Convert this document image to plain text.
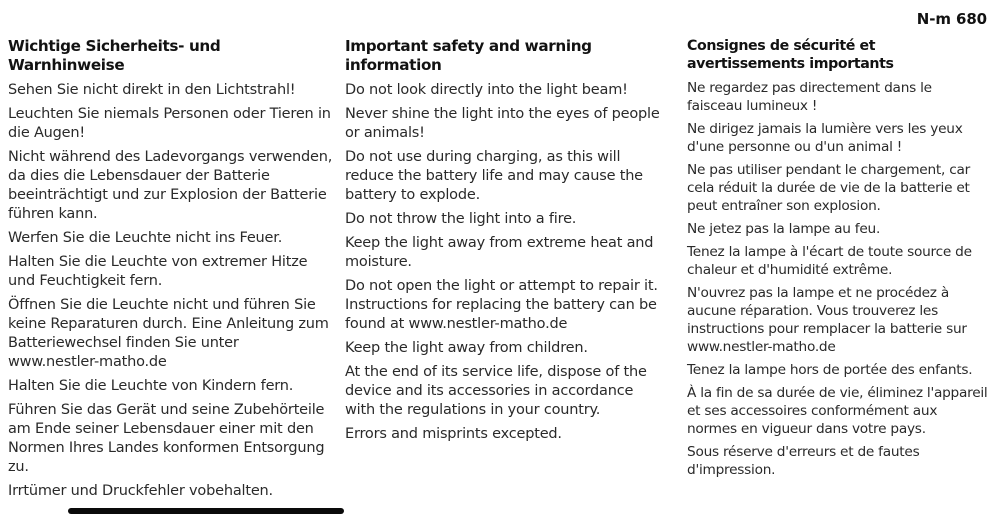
N-m 680
Wichtige Sicherheits- und Warnhinweise

Sehen Sie nicht direkt in den Lichtstrahl!

Leuchten Sie niemals Personen oder Tieren in die Augen!

Nicht während des Ladevorgangs verwenden, da dies die Lebensdauer der Batterie beeinträchtigt und zur Explosion der Batterie führen kann.

Werfen Sie die Leuchte nicht ins Feuer.

Halten Sie die Leuchte von extremer Hitze und Feuchtigkeit fern.

Öffnen Sie die Leuchte nicht und führen Sie keine Reparaturen durch. Eine Anleitung zum Batteriewechsel finden Sie unter www.nestler-matho.de

Halten Sie die Leuchte von Kindern fern.

Führen Sie das Gerät und seine Zubehörteile am Ende seiner Lebensdauer einer mit den Normen Ihres Landes konformen Entsorgung zu.

Irrtümer und Druckfehler vobehalten.

Important safety and warning information

Do not look directly into the light beam!

Never shine the light into the eyes of people or animals!

Do not use during charging, as this will reduce the battery life and may cause the battery to explode.

Do not throw the light into a fire.

Keep the light away from extreme heat and moisture.

Do not open the light or attempt to repair it. Instructions for replacing the battery can be found at www.nestler-matho.de

Keep the light away from children.

At the end of its service life, dispose of the device and its accessories in accordance with the regulations in your country.

Errors and misprints excepted.

Consignes de sécurité et avertissements importants

Ne regardez pas directement dans le faisceau lumineux !

Ne dirigez jamais la lumière vers les yeux d'une personne ou d'un animal !

Ne pas utiliser pendant le chargement, car cela réduit la durée de vie de la batterie et peut entraîner son explosion.

Ne jetez pas la lampe au feu.

Tenez la lampe à l'écart de toute source de chaleur et d'humidité extrême.

N'ouvrez pas la lampe et ne procédez à aucune réparation. Vous trouverez les instructions pour remplacer la batterie sur www.nestler-matho.de

Tenez la lampe hors de portée des enfants.

À la fin de sa durée de vie, éliminez l'appareil et ses accessoires conformément aux normes en vigueur dans votre pays.

Sous réserve d'erreurs et de fautes d'impression.
